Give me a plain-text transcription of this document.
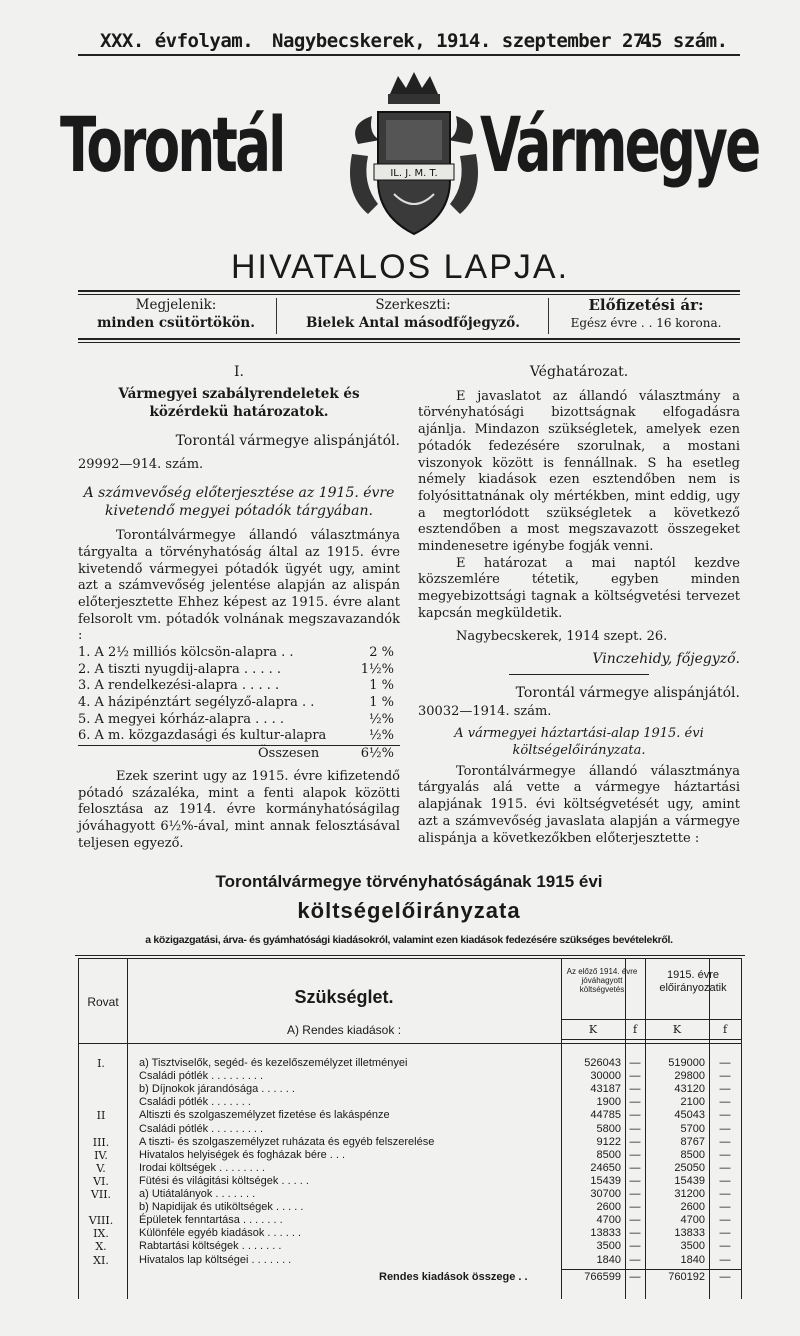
XXX. évfolyam. Nagybecskerek, 1914. szeptember 27.
45 szám.
Torontál	Vármegye
IL. J. M. T.
HIVATALOS LAPJA.
Megjelenik:
minden csütörtökön.
Szerkeszti:
Bielek Antal másodfőjegyző.
Előfizetési ár:
Egész évre . . 16 korona.
I.
Vármegyei szabályrendeletek és közérdekü határozatok.
Torontál vármegye alispánjától.
29992—914. szám.
A számvevőség előterjesztése az 1915. évre kivetendő megyei pótadók tárgyában.
Torontálvármegye állandó választmánya tárgyalta a törvényhatóság által az 1915. évre kivetendő vármegyei pótadók ügyét ugy, amint azt a számvevőség jelentése alapján az alispán előterjesztette Ehhez képest az 1915. évre alant felsorolt vm. pótadók volnának megszavazandók :
1. A 2½ milliós kölcsön-alapra . .	2 %
2. A tiszti nyugdij-alapra . . . . .	1½%
3. A rendelkezési-alapra . . . . .	1 %
4. A házipénztárt segélyző-alapra . .	1 %
5. A megyei kórház-alapra . . . .	½%
6. A m. közgazdasági és kultur-alapra	½%
Összesen	6½%
Ezek szerint ugy az 1915. évre kifizetendő pótadó százaléka, mint a fenti alapok közötti felosztása az 1914. évre kormányhatóságilag jóváhagyott 6½%-ával, mint annak felosztásával teljesen egyező.
Véghatározat.
E javaslatot az állandó választmány a törvényhatósági bizottságnak elfogadásra ajánlja. Mindazon szükségletek, amelyek ezen pótadók fedezésére szorulnak, a mostani viszonyok között is fennállnak. S ha esetleg némely kiadások ezen esztendőben nem is folyósittatnának oly mértékben, mint eddig, ugy a megtorlódott szükségletek a következő esztendőben a most megszavazott összegeket mindenesetre igénybe fogják venni.
E határozat a mai naptól kezdve közszemlére tétetik, egyben minden megyebizottsági tagnak a költségvetési tervezet kapcsán megküldetik.
Nagybecskerek, 1914 szept. 26.
Vinczehidy, főjegyző.
Torontál vármegye alispánjától.
30032—1914. szám.
A vármegyei háztartási-alap 1915. évi költségelőirányzata.
Torontálvármegye állandó választmánya tárgyalás alá vette a vármegye háztartási alapjának 1915. évi költségvetését ugy, amint azt a számvevőség javaslata alapján a vármegye alispánja a következőkben előterjesztette :
Torontálvármegye törvényhatóságának 1915 évi
költségelőirányzata
a közigazgatási, árva- és gyámhatósági kiadásokról, valamint ezen kiadások fedezésére szükséges bevételekről.
Rovat	Szükséglet.
A) Rendes kiadások :
Az előző 1914. évre jóváhagyott költségvetés
1915. évre előirányozatik
K	f	K	f
I.	a) Tisztviselők, segéd- és kezelőszemélyzet illetményei	526043 —	519000	—
Családi pótlék . . . . . . . . .	30000 —	29800	—
b) Díjnokok járandósága . . . . . .	43187 —	43120	—
Családi pótlék . . . . . . .	1900 —	2100	—
II	Altiszti és szolgaszemélyzet fizetése és lakáspénze	44785 —	45043	—
Családi pótlék . . . . . . . . .	5800 —	5700	—
III.	A tiszti- és szolgaszemélyzet ruházata és egyéb felszerelése	9122 —	8767	—
IV.	Hivatalos helyiségek és fogházak bére . . .	8500 —	8500	—
V.	Irodai költségek . . . . . . . .	24650 —	25050	—
VI.	Fütési és világitási költségek . . . . .	15439 —	15439	—
VII.	a) Utiátalányok . . . . . . .	30700 —	31200	—
b) Napidijak és utiköltségek . . . . .	2600 —	2600	—
VIII.	Épületek fenntartása . . . . . . .	4700 —	4700	—
IX.	Különféle egyéb kiadások . . . . . .	13833 —	13833	—
X.	Rabtartási költségek . . . . . . .	3500 —	3500	—
XI.	Hivatalos lap költségei . . . . . . .	1840 —	1840	—
Rendes kiadások összege . .	766599 —	760192	—
